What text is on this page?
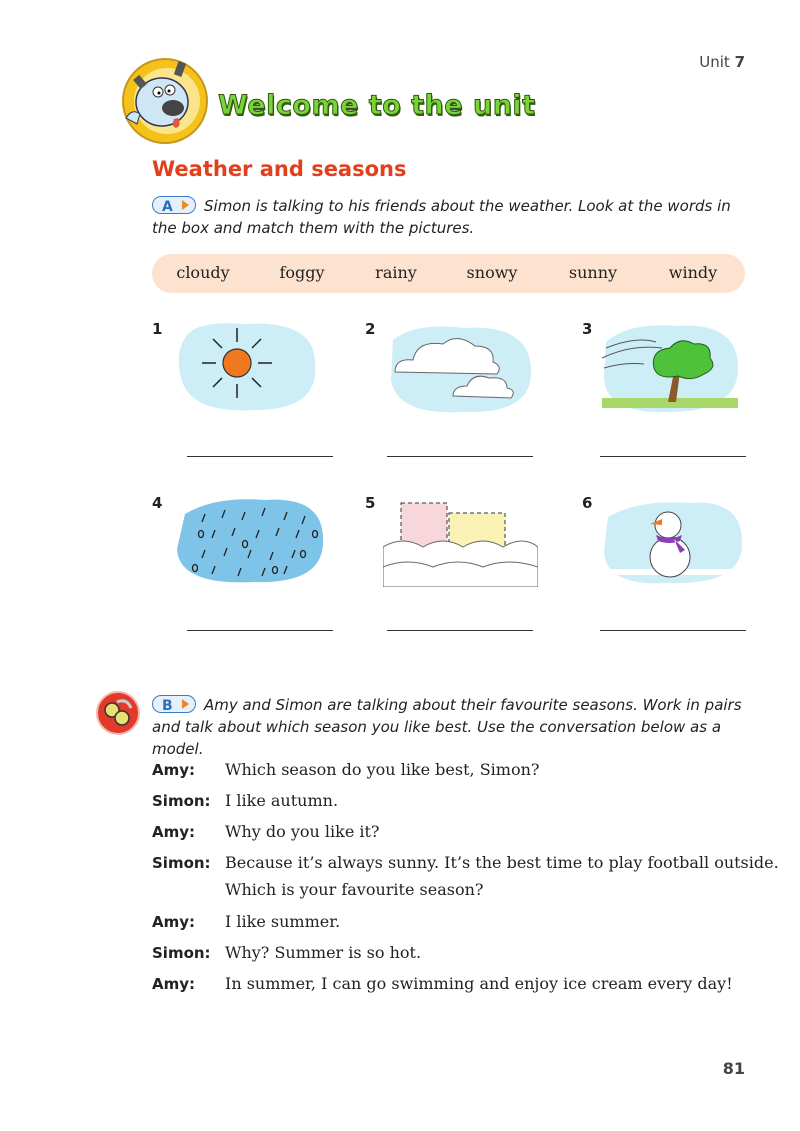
Unit 7
Welcome to the unit
Weather and seasons
A Simon is talking to his friends about the weather. Look at the words in the box and match them with the pictures.
cloudy	foggy	rainy	snowy	sunny	windy
1	2	3
4	5	6
B Amy and Simon are talking about their favourite seasons. Work in pairs and talk about which season you like best. Use the conversation below as a model.
Amy: Which season do you like best, Simon?
Simon: I like autumn.
Amy: Why do you like it?
Simon: Because it’s always sunny. It’s the best time to play football outside.
Which is your favourite season?
Amy: I like summer.
Simon: Why? Summer is so hot.
Amy: In summer, I can go swimming and enjoy ice cream every day!
81
